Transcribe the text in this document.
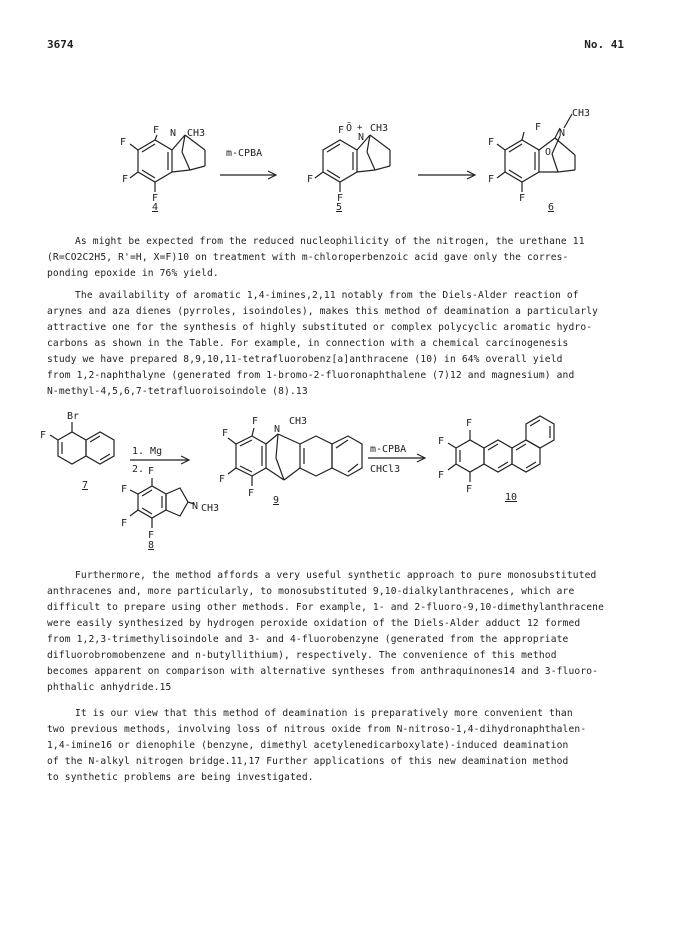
3674	No. 41
F
F
F
F
N CH3
4
m-CPBA
F
F
F
Ō +
N
CH3
5
F
F
F
F
N
O
CH3
6
As might be expected from the reduced nucleophilicity of the nitrogen, the urethane 11
(R=CO2C2H5, R'=H, X=F)10 on treatment with m-chloroperbenzoic acid gave only the corres-
ponding epoxide in 76% yield.
The availability of aromatic 1,4-imines,2,11 notably from the Diels-Alder reaction of
arynes and aza dienes (pyrroles, isoindoles), makes this method of deamination a particularly
attractive one for the synthesis of highly substituted or complex polycyclic aromatic hydro-
carbons as shown in the Table. For example, in connection with a chemical carcinogenesis
study we have prepared 8,9,10,11-tetrafluorobenz[a]anthracene (10) in 64% overall yield
from 1,2-naphthalyne (generated from 1-bromo-2-fluoronaphthalene (7)12 and magnesium) and
N-methyl-4,5,6,7-tetrafluoroisoindole (8).13
Br
F
7
1. Mg
2. F
F
F
F
N CH3
8
F
F
F
F
N
CH3
9
m-CPBA
CHCl3
F
F
F
F
10
Furthermore, the method affords a very useful synthetic approach to pure monosubstituted
anthracenes and, more particularly, to monosubstituted 9,10-dialkylanthracenes, which are
difficult to prepare using other methods. For example, 1- and 2-fluoro-9,10-dimethylanthracene
were easily synthesized by hydrogen peroxide oxidation of the Diels-Alder adduct 12 formed
from 1,2,3-trimethylisoindole and 3- and 4-fluorobenzyne (generated from the appropriate
difluorobromobenzene and n-butyllithium), respectively. The convenience of this method
becomes apparent on comparison with alternative syntheses from anthraquinones14 and 3-fluoro-
phthalic anhydride.15
It is our view that this method of deamination is preparatively more convenient than
two previous methods, involving loss of nitrous oxide from N-nitroso-1,4-dihydronaphthalen-
1,4-imine16 or dienophile (benzyne, dimethyl acetylenedicarboxylate)-induced deamination
of the N-alkyl nitrogen bridge.11,17 Further applications of this new deamination method
to synthetic problems are being investigated.
